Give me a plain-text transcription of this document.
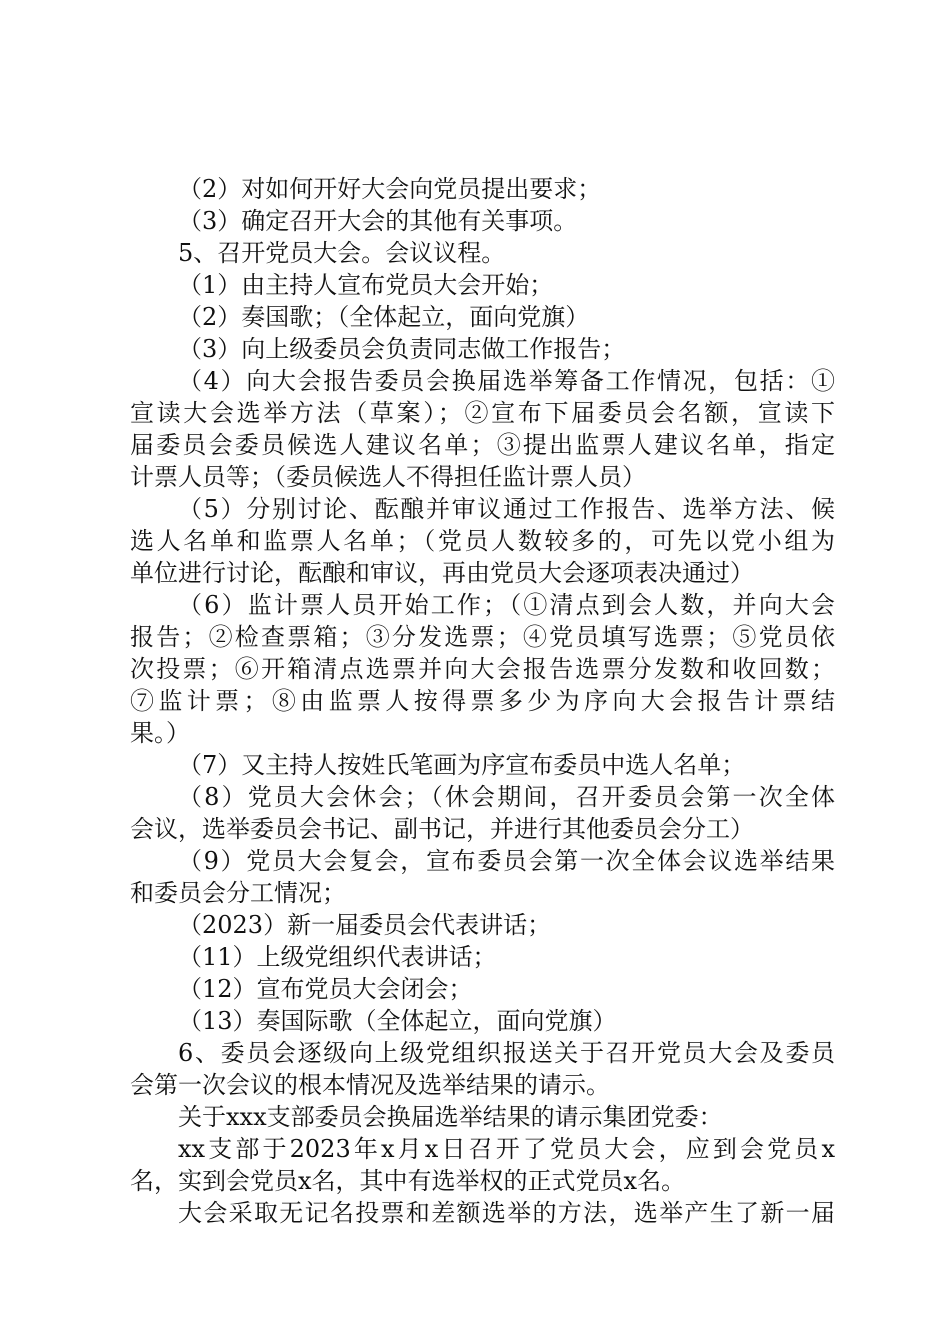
（2）对如何开好大会向党员提出要求；
（3）确定召开大会的其他有关事项。
5、召开党员大会。会议议程。
（1）由主持人宣布党员大会开始；
（2）奏国歌；（全体起立，面向党旗）
（3）向上级委员会负责同志做工作报告；
（4）向大会报告委员会换届选举筹备工作情况，包括：①
宣读大会选举方法（草案）；②宣布下届委员会名额，宣读下
届委员会委员候选人建议名单；③提出监票人建议名单，指定
计票人员等；（委员候选人不得担任监计票人员）
（5）分别讨论、酝酿并审议通过工作报告、选举方法、候
选人名单和监票人名单；（党员人数较多的，可先以党小组为
单位进行讨论，酝酿和审议，再由党员大会逐项表决通过）
（6）监计票人员开始工作；（①清点到会人数，并向大会
报告；②检查票箱；③分发选票；④党员填写选票；⑤党员依
次投票；⑥开箱清点选票并向大会报告选票分发数和收回数；
⑦监计票；⑧由监票人按得票多少为序向大会报告计票结
果。）
（7）又主持人按姓氏笔画为序宣布委员中选人名单；
（8）党员大会休会；（休会期间，召开委员会第一次全体
会议，选举委员会书记、副书记，并进行其他委员会分工）
（9）党员大会复会，宣布委员会第一次全体会议选举结果
和委员会分工情况；
（2023）新一届委员会代表讲话；
（11）上级党组织代表讲话；
（12）宣布党员大会闭会；
（13）奏国际歌（全体起立，面向党旗）
6、委员会逐级向上级党组织报送关于召开党员大会及委员
会第一次会议的根本情况及选举结果的请示。
关于xxx支部委员会换届选举结果的请示集团党委：
xx支部于2023年x月x日召开了党员大会，应到会党员x
名，实到会党员x名，其中有选举权的正式党员x名。
大会采取无记名投票和差额选举的方法，选举产生了新一届
